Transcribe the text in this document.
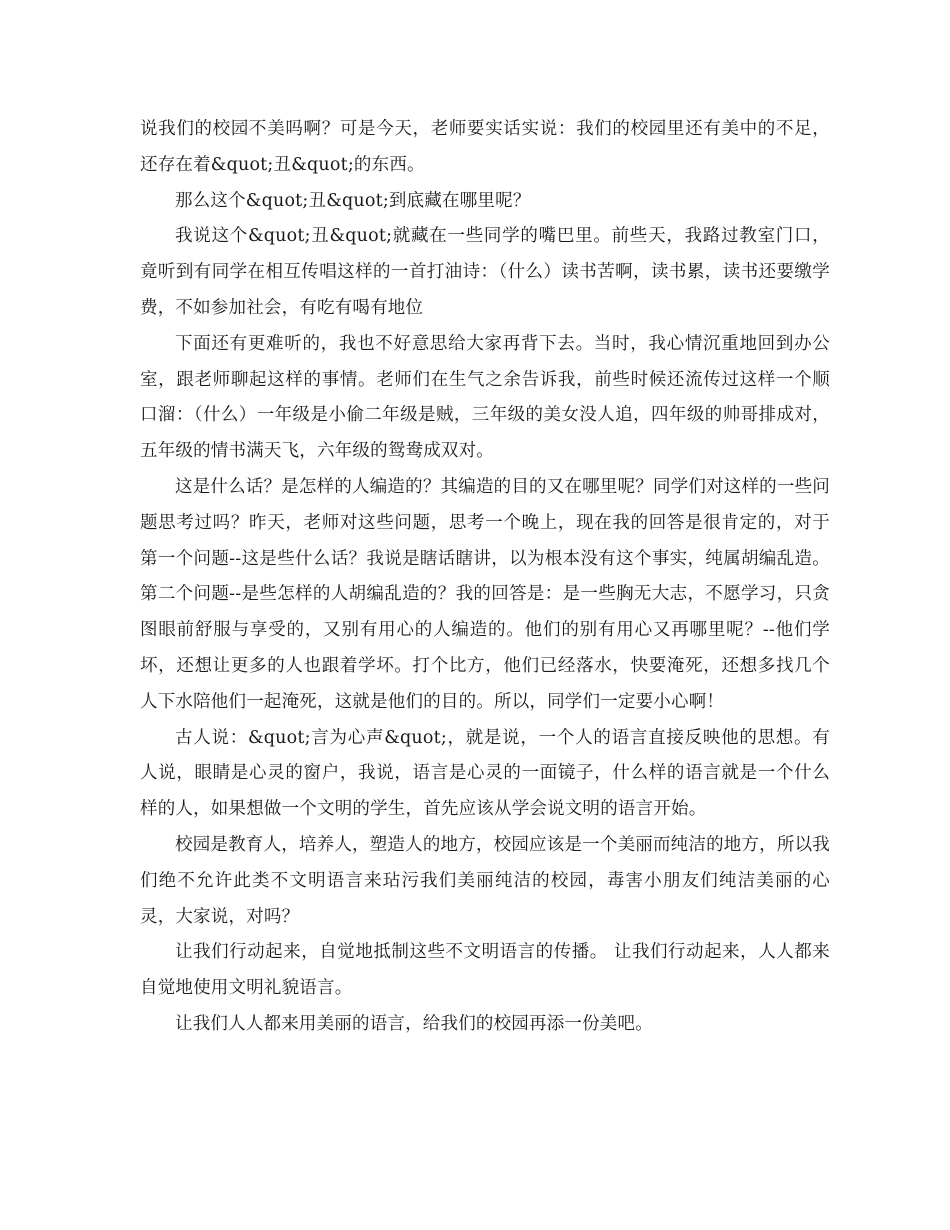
说我们的校园不美吗啊？可是今天，老师要实话实说：我们的校园里还有美中的不足，还存在着&quot;丑&quot;的东西。

那么这个&quot;丑&quot;到底藏在哪里呢？

我说这个&quot;丑&quot;就藏在一些同学的嘴巴里。前些天，我路过教室门口，竟听到有同学在相互传唱这样的一首打油诗：（什么）读书苦啊，读书累，读书还要缴学费，不如参加社会，有吃有喝有地位

下面还有更难听的，我也不好意思给大家再背下去。当时，我心情沉重地回到办公室，跟老师聊起这样的事情。老师们在生气之余告诉我，前些时候还流传过这样一个顺口溜：（什么）一年级是小偷二年级是贼，三年级的美女没人追，四年级的帅哥排成对，五年级的情书满天飞，六年级的鸳鸯成双对。

这是什么话？是怎样的人编造的？其编造的目的又在哪里呢？同学们对这样的一些问题思考过吗？昨天，老师对这些问题，思考一个晚上，现在我的回答是很肯定的，对于第一个问题--这是些什么话？我说是瞎话瞎讲，以为根本没有这个事实，纯属胡编乱造。第二个问题--是些怎样的人胡编乱造的？我的回答是：是一些胸无大志，不愿学习，只贪图眼前舒服与享受的，又别有用心的人编造的。他们的别有用心又再哪里呢？--他们学坏，还想让更多的人也跟着学坏。打个比方，他们已经落水，快要淹死，还想多找几个人下水陪他们一起淹死，这就是他们的目的。所以，同学们一定要小心啊！

古人说：&quot;言为心声&quot;，就是说，一个人的语言直接反映他的思想。有人说，眼睛是心灵的窗户，我说，语言是心灵的一面镜子，什么样的语言就是一个什么样的人，如果想做一个文明的学生，首先应该从学会说文明的语言开始。

校园是教育人，培养人，塑造人的地方，校园应该是一个美丽而纯洁的地方，所以我们绝不允许此类不文明语言来玷污我们美丽纯洁的校园，毒害小朋友们纯洁美丽的心灵，大家说，对吗？

让我们行动起来，自觉地抵制这些不文明语言的传播。 让我们行动起来，人人都来自觉地使用文明礼貌语言。

让我们人人都来用美丽的语言，给我们的校园再添一份美吧。
